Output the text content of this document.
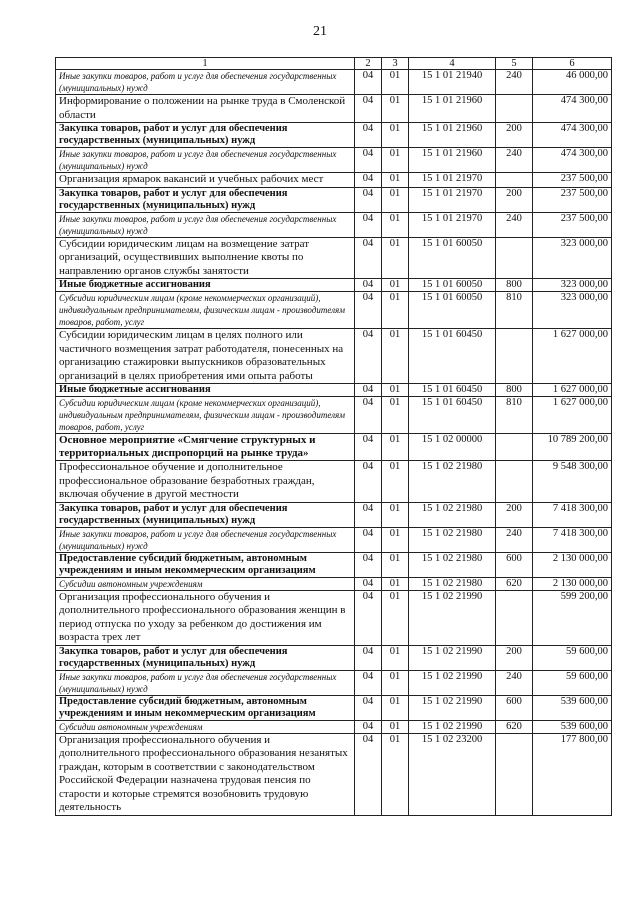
21
1	2	3	4	5	6
Иные закупки товаров, работ и услуг для обеспечения государственных (муниципальных) нужд	04	01	15 1 01 21940	240	46 000,00
Информирование о положении на рынке труда в Смоленской области	04	01	15 1 01 21960		474 300,00
Закупка товаров, работ и услуг для обеспечения государственных (муниципальных) нужд	04	01	15 1 01 21960	200	474 300,00
Иные закупки товаров, работ и услуг для обеспечения государственных (муниципальных) нужд	04	01	15 1 01 21960	240	474 300,00
Организация ярмарок вакансий и учебных рабочих мест	04	01	15 1 01 21970		237 500,00
Закупка товаров, работ и услуг для обеспечения государственных (муниципальных) нужд	04	01	15 1 01 21970	200	237 500,00
Иные закупки товаров, работ и услуг для обеспечения государственных (муниципальных) нужд	04	01	15 1 01 21970	240	237 500,00
Субсидии юридическим лицам на возмещение затрат организаций, осуществивших выполнение квоты по направлению органов службы занятости	04	01	15 1 01 60050		323 000,00
Иные бюджетные ассигнования	04	01	15 1 01 60050	800	323 000,00
Субсидии юридическим лицам (кроме некоммерческих организаций), индивидуальным предпринимателям, физическим лицам - производителям товаров, работ, услуг	04	01	15 1 01 60050	810	323 000,00
Субсидии юридическим лицам в целях полного или частичного возмещения затрат работодателя, понесенных на организацию стажировки выпускников образовательных организаций в целях приобретения ими опыта работы	04	01	15 1 01 60450		1 627 000,00
Иные бюджетные ассигнования	04	01	15 1 01 60450	800	1 627 000,00
Субсидии юридическим лицам (кроме некоммерческих организаций), индивидуальным предпринимателям, физическим лицам - производителям товаров, работ, услуг	04	01	15 1 01 60450	810	1 627 000,00
Основное мероприятие «Смягчение структурных и территориальных диспропорций на рынке труда»	04	01	15 1 02 00000		10 789 200,00
Профессиональное обучение и дополнительное профессиональное образование безработных граждан, включая обучение в другой местности	04	01	15 1 02 21980		9 548 300,00
Закупка товаров, работ и услуг для обеспечения государственных (муниципальных) нужд	04	01	15 1 02 21980	200	7 418 300,00
Иные закупки товаров, работ и услуг для обеспечения государственных (муниципальных) нужд	04	01	15 1 02 21980	240	7 418 300,00
Предоставление субсидий бюджетным, автономным учреждениям и иным некоммерческим организациям	04	01	15 1 02 21980	600	2 130 000,00
Субсидии автономным учреждениям	04	01	15 1 02 21980	620	2 130 000,00
Организация профессионального обучения и дополнительного профессионального образования женщин в период отпуска по уходу за ребенком до достижения им возраста трех лет	04	01	15 1 02 21990		599 200,00
Закупка товаров, работ и услуг для обеспечения государственных (муниципальных) нужд	04	01	15 1 02 21990	200	59 600,00
Иные закупки товаров, работ и услуг для обеспечения государственных (муниципальных) нужд	04	01	15 1 02 21990	240	59 600,00
Предоставление субсидий бюджетным, автономным учреждениям и иным некоммерческим организациям	04	01	15 1 02 21990	600	539 600,00
Субсидии автономным учреждениям	04	01	15 1 02 21990	620	539 600,00
Организация профессионального обучения и дополнительного профессионального образования незанятых граждан, которым в соответствии с законодательством Российской Федерации назначена трудовая пенсия по старости и которые стремятся возобновить трудовую деятельность	04	01	15 1 02 23200		177 800,00
